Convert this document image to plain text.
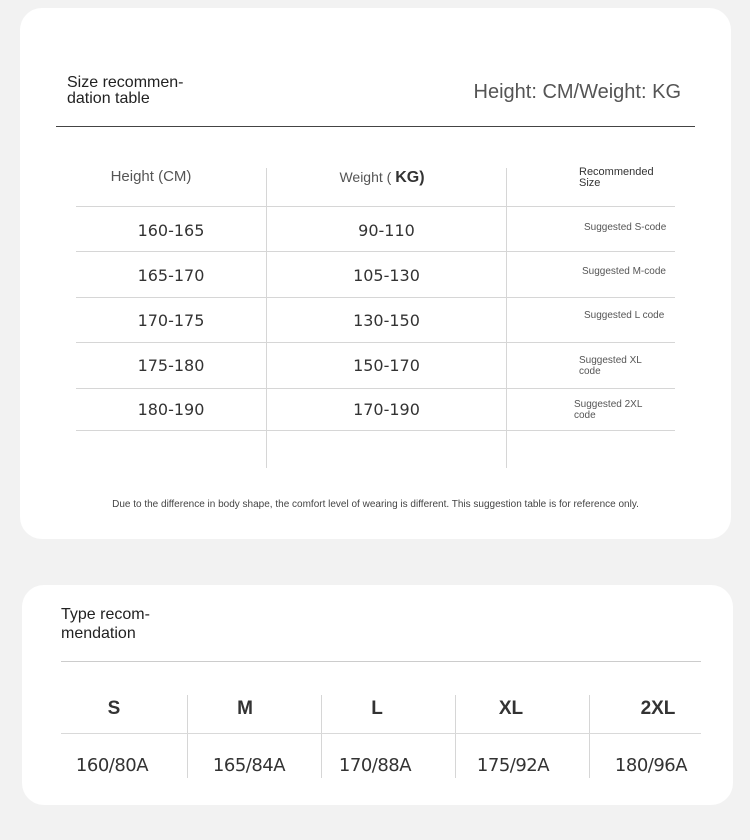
Size recommen-dation table	Height: CM/Weight: KG
Height (CM)	Weight ( KG)	Recommended Size
160-165	90-110	Suggested S-code
165-170	105-130	Suggested M-code
170-175	130-150	Suggested L code
175-180	150-170	Suggested XL code
180-190	170-190	Suggested 2XL code
Due to the difference in body shape, the comfort level of wearing is different. This suggestion table is for reference only.
Type recom-mendation
S	M	L	XL	2XL
160/80A	165/84A	170/88A	175/92A	180/96A
